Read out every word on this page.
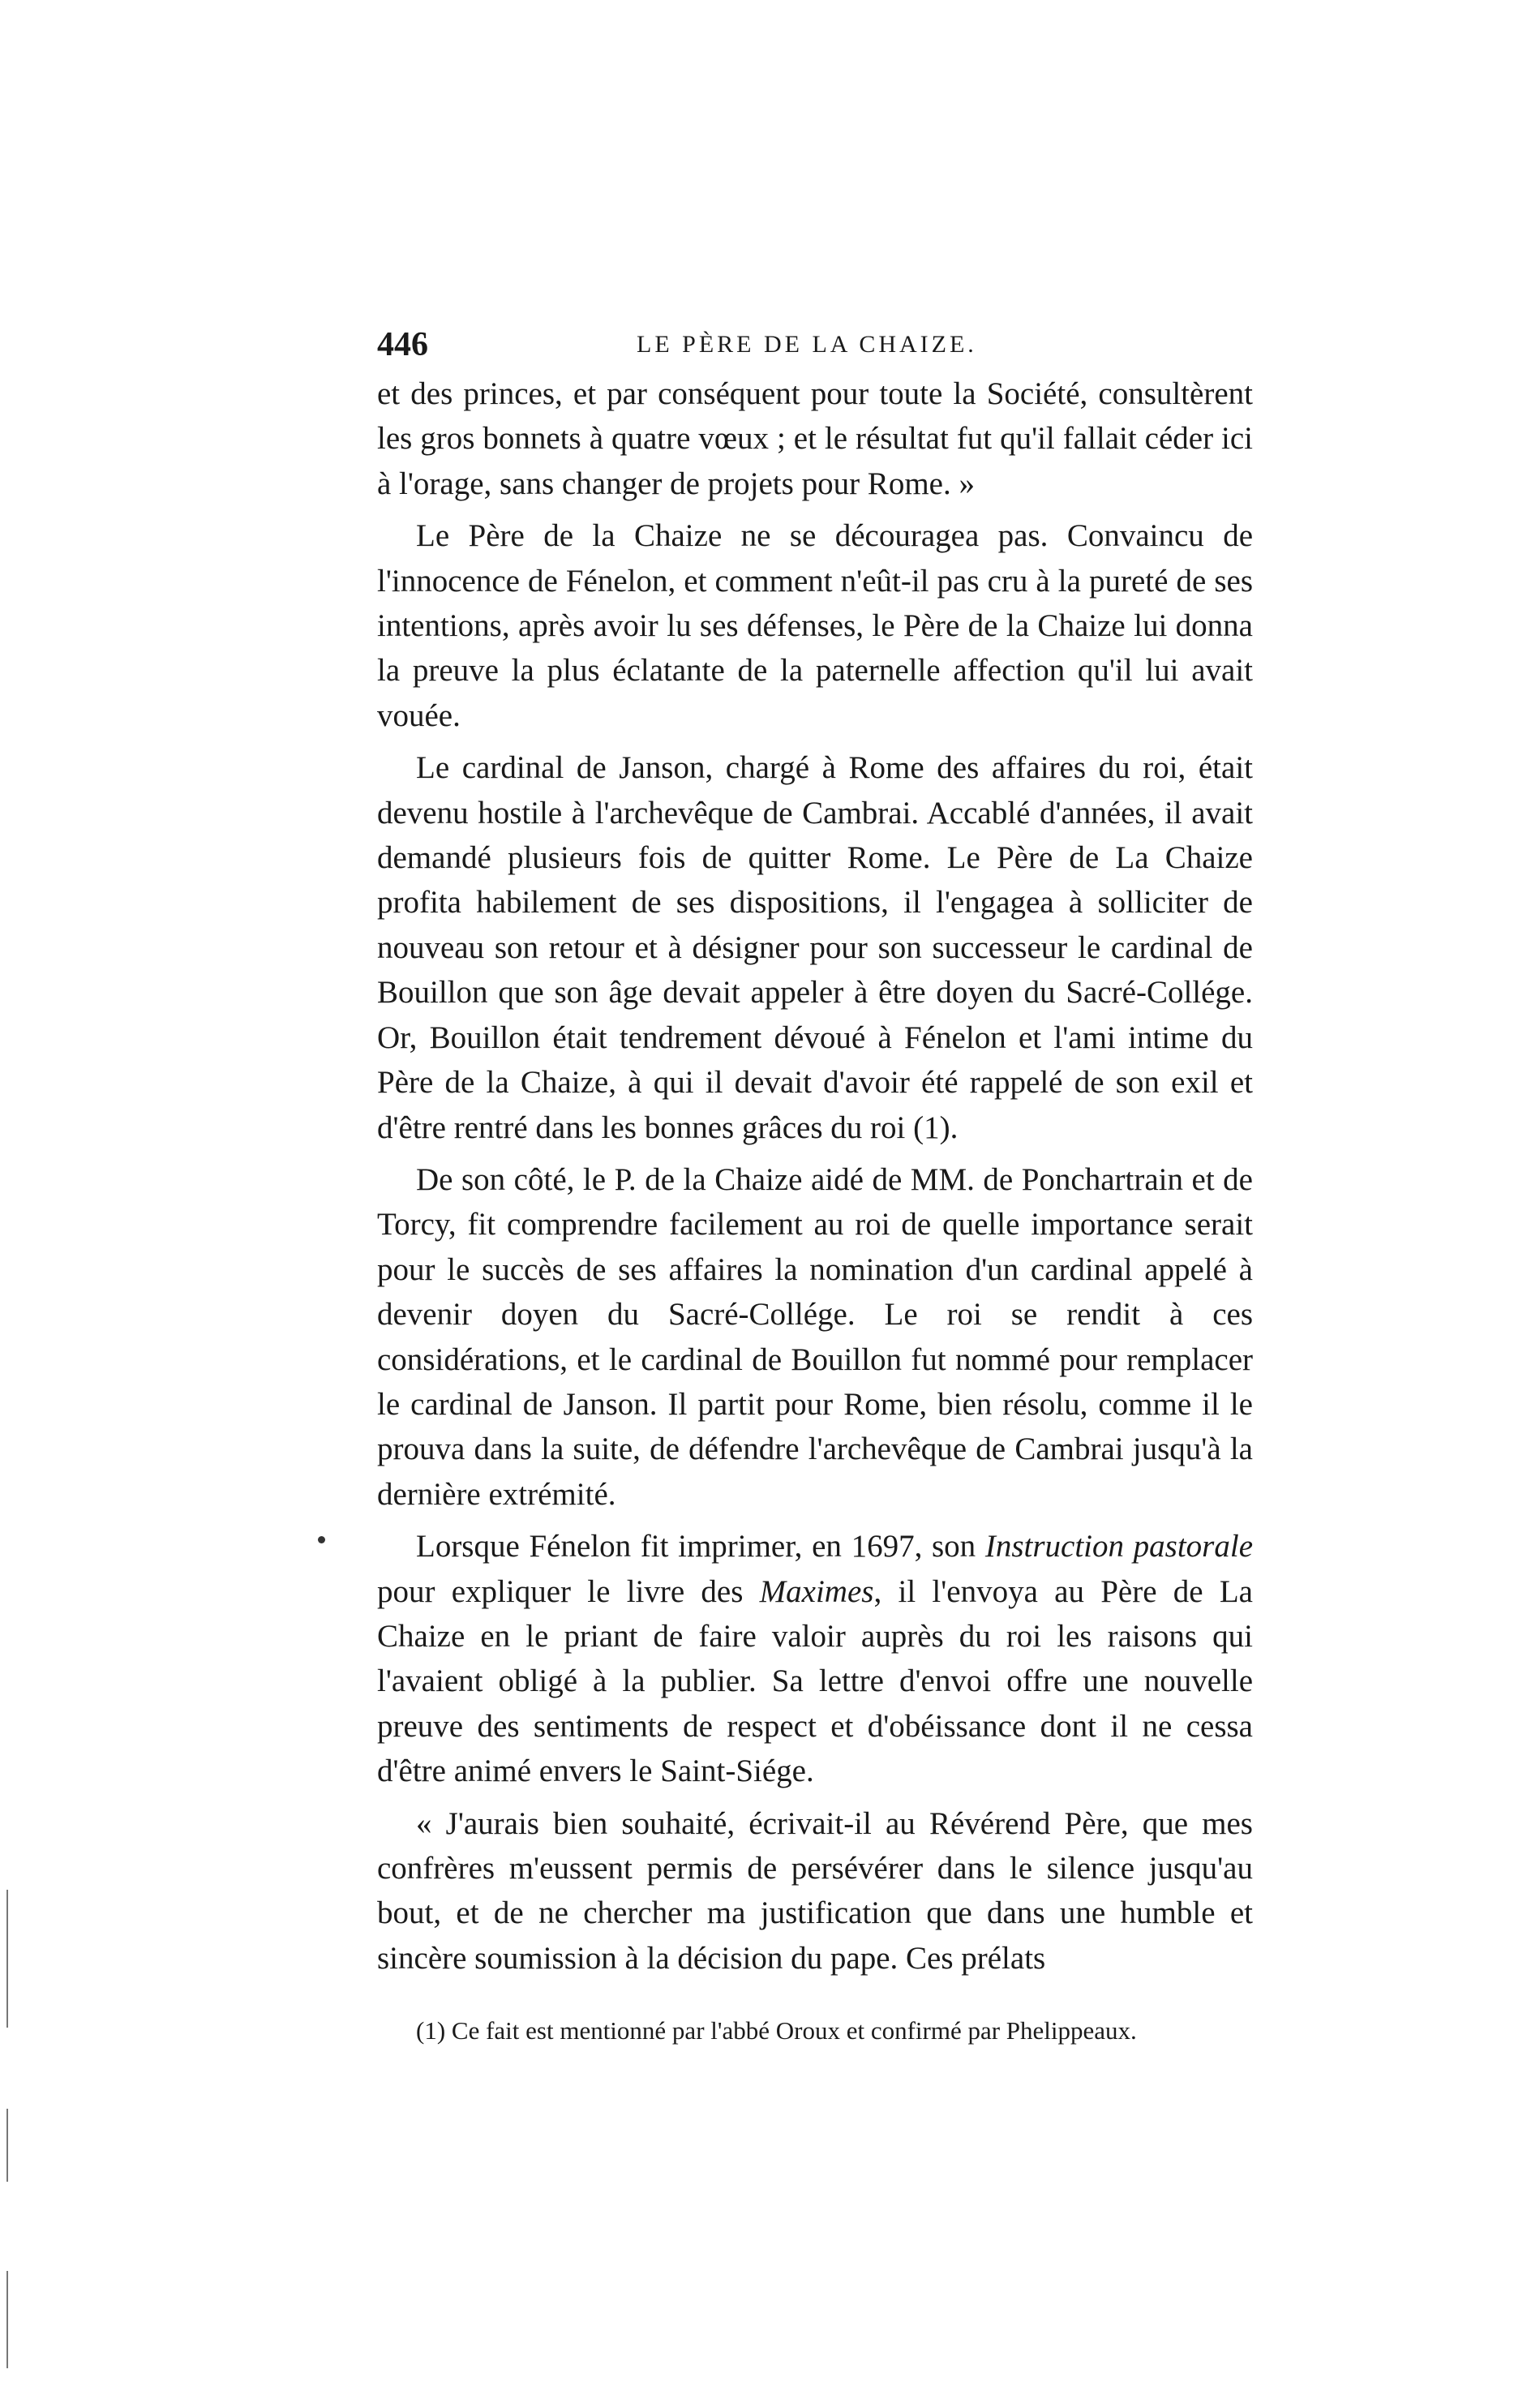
446	LE PÈRE DE LA CHAIZE.

et des princes, et par conséquent pour toute la Société, consultèrent les gros bonnets à quatre vœux ; et le résultat fut qu'il fallait céder ici à l'orage, sans changer de projets pour Rome. »

Le Père de la Chaize ne se découragea pas. Convaincu de l'innocence de Fénelon, et comment n'eût-il pas cru à la pureté de ses intentions, après avoir lu ses défenses, le Père de la Chaize lui donna la preuve la plus éclatante de la paternelle affection qu'il lui avait vouée.

Le cardinal de Janson, chargé à Rome des affaires du roi, était devenu hostile à l'archevêque de Cambrai. Accablé d'années, il avait demandé plusieurs fois de quitter Rome. Le Père de La Chaize profita habilement de ses dispositions, il l'engagea à solliciter de nouveau son retour et à désigner pour son successeur le cardinal de Bouillon que son âge devait appeler à être doyen du Sacré-Collége. Or, Bouillon était tendrement dévoué à Fénelon et l'ami intime du Père de la Chaize, à qui il devait d'avoir été rappelé de son exil et d'être rentré dans les bonnes grâces du roi (1).

De son côté, le P. de la Chaize aidé de MM. de Ponchartrain et de Torcy, fit comprendre facilement au roi de quelle importance serait pour le succès de ses affaires la nomination d'un cardinal appelé à devenir doyen du Sacré-Collége. Le roi se rendit à ces considérations, et le cardinal de Bouillon fut nommé pour remplacer le cardinal de Janson. Il partit pour Rome, bien résolu, comme il le prouva dans la suite, de défendre l'archevêque de Cambrai jusqu'à la dernière extrémité.

Lorsque Fénelon fit imprimer, en 1697, son Instruction pastorale pour expliquer le livre des Maximes, il l'envoya au Père de La Chaize en le priant de faire valoir auprès du roi les raisons qui l'avaient obligé à la publier. Sa lettre d'envoi offre une nouvelle preuve des sentiments de respect et d'obéissance dont il ne cessa d'être animé envers le Saint-Siége.

« J'aurais bien souhaité, écrivait-il au Révérend Père, que mes confrères m'eussent permis de persévérer dans le silence jusqu'au bout, et de ne chercher ma justification que dans une humble et sincère soumission à la décision du pape. Ces prélats

(1) Ce fait est mentionné par l'abbé Oroux et confirmé par Phelippeaux.
